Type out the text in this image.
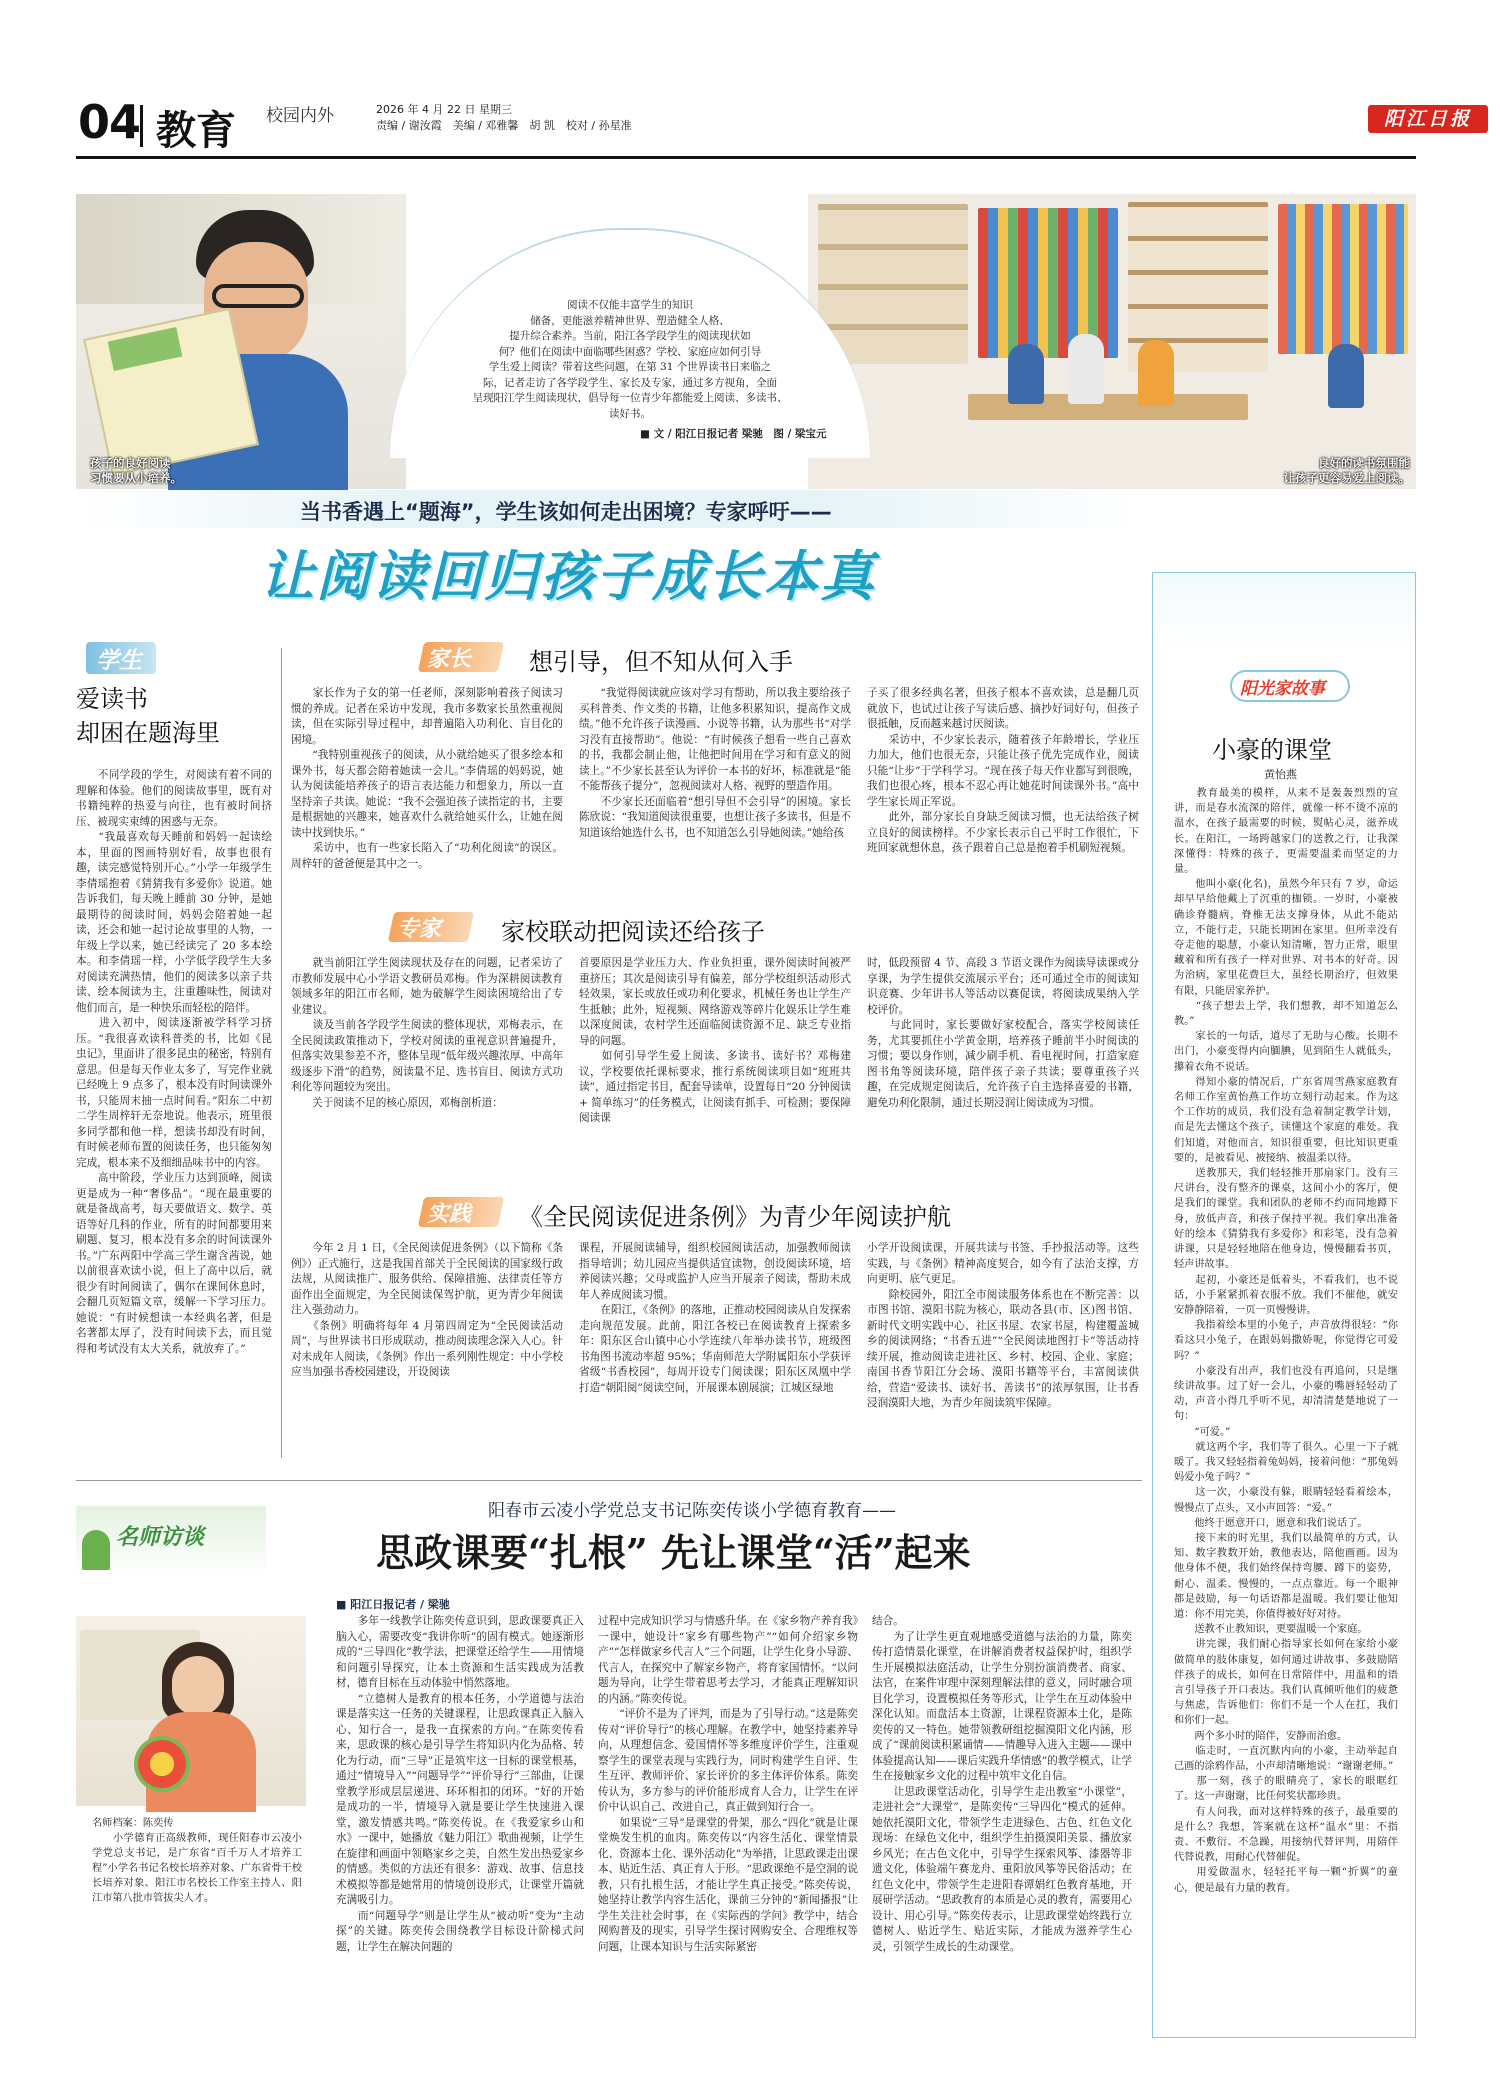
04 教育 校园内外	2026 年 4 月 22 日 星期三
责编 / 谢汝霞　美编 / 邓雅馨　胡 凯　校对 / 孙星准	阳江日报
孩子的良好阅读
习惯要从小培养。
良好的读书氛围能
让孩子更容易爱上阅读。
阅读不仅能丰富学生的知识
储备，更能滋养精神世界、塑造健全人格、
提升综合素养。当前，阳江各学段学生的阅读现状如
何？他们在阅读中面临哪些困惑？学校、家庭应如何引导
学生爱上阅读？带着这些问题，在第 31 个世界读书日来临之
际，记者走访了各学段学生、家长及专家，通过多方视角，全面
呈现阳江学生阅读现状，倡导每一位青少年都能爱上阅读、多读书、
读好书。
■ 文 / 阳江日报记者 梁驰　图 / 梁宝元
当书香遇上“题海”，学生该如何走出困境？专家呼吁——
让阅读回归孩子成长本真
学生
爱读书
却困在题海里
　　不同学段的学生，对阅读有着不同的理解和体验。他们的阅读故事里，既有对书籍纯粹的热爱与向往，也有被时间挤压、被现实束缚的困惑与无奈。
　　“我最喜欢每天睡前和妈妈一起读绘本，里面的图画特别好看，故事也很有趣，读完感觉特别开心。”小学一年级学生李倩瑶抱着《猜猜我有多爱你》说道。她告诉我们，每天晚上睡前 30 分钟，是她最期待的阅读时间，妈妈会陪着她一起读，还会和她一起讨论故事里的人物，一年级上学以来，她已经读完了 20 多本绘本。和李倩瑶一样，小学低学段学生大多对阅读充满热情，他们的阅读多以亲子共读、绘本阅读为主，注重趣味性，阅读对他们而言，是一种快乐而轻松的陪伴。
　　进入初中，阅读逐渐被学科学习挤压。“我很喜欢读科普类的书，比如《昆虫记》，里面讲了很多昆虫的秘密，特别有意思。但是每天作业太多了，写完作业就已经晚上 9 点多了，根本没有时间读课外书，只能周末抽一点时间看。”阳东二中初二学生周梓轩无奈地说。他表示，班里很多同学都和他一样，想读书却没有时间，有时候老师布置的阅读任务，也只能匆匆完成，根本来不及细细品味书中的内容。
　　高中阶段，学业压力达到顶峰，阅读更是成为一种“奢侈品”。“现在最重要的就是备战高考，每天要做语文、数学、英语等好几科的作业，所有的时间都要用来刷题、复习，根本没有多余的时间读课外书。”广东两阳中学高三学生谢含茜说，她以前很喜欢读小说，但上了高中以后，就很少有时间阅读了，偶尔在课间休息时，会翻几页短篇文章，缓解一下学习压力。她说：“有时候想读一本经典名著，但是名著都太厚了，没有时间读下去，而且觉得和考试没有太大关系，就放弃了。”
家长 想引导，但不知从何入手
　　家长作为子女的第一任老师，深刻影响着孩子阅读习惯的养成。记者在采访中发现，我市多数家长虽然重视阅读，但在实际引导过程中，却普遍陷入功利化、盲目化的困境。
　　“我特别重视孩子的阅读，从小就给她买了很多绘本和课外书，每天都会陪着她读一会儿。”李倩瑶的妈妈说，她认为阅读能培养孩子的语言表达能力和想象力，所以一直坚持亲子共读。她说：“我不会强迫孩子读指定的书，主要是根据她的兴趣来，她喜欢什么就给她买什么，让她在阅读中找到快乐。”
　　采访中，也有一些家长陷入了“功利化阅读”的误区。周梓轩的爸爸便是其中之一。
　　“我觉得阅读就应该对学习有帮助，所以我主要给孩子买科普类、作文类的书籍，让他多积累知识，提高作文成绩。”他不允许孩子读漫画、小说等书籍，认为那些书“对学习没有直接帮助”。他说：“有时候孩子想看一些自己喜欢的书，我都会制止他，让他把时间用在学习和有意义的阅读上。”不少家长甚至认为评价一本书的好坏，标准就是“能不能帮孩子提分”，忽视阅读对人格、视野的塑造作用。
　　不少家长还面临着“想引导但不会引导”的困境。家长陈欣说：“我知道阅读很重要，也想让孩子多读书，但是不知道该给她选什么书，也不知道怎么引导她阅读。”她给孩
子买了很多经典名著，但孩子根本不喜欢读，总是翻几页就放下，也试过让孩子写读后感、摘抄好词好句，但孩子很抵触，反而越来越讨厌阅读。
　　采访中，不少家长表示，随着孩子年龄增长，学业压力加大，他们也很无奈，只能让孩子优先完成作业，阅读只能“让步”于学科学习。“现在孩子每天作业都写到很晚，我们也很心疼，根本不忍心再让她花时间读课外书。”高中学生家长周正军说。
　　此外，部分家长自身缺乏阅读习惯，也无法给孩子树立良好的阅读榜样。不少家长表示自己平时工作很忙，下班回家就想休息，孩子跟着自己总是抱着手机刷短视频。
专家 家校联动把阅读还给孩子
　　就当前阳江学生阅读现状及存在的问题，记者采访了市教师发展中心小学语文教研员邓梅。作为深耕阅读教育领域多年的阳江市名师，她为破解学生阅读困境给出了专业建议。
　　谈及当前各学段学生阅读的整体现状，邓梅表示，在全民阅读政策推动下，学校对阅读的重视意识普遍提升，但落实效果参差不齐，整体呈现“低年级兴趣浓厚、中高年级逐步下滑”的趋势，阅读量不足、选书盲目、阅读方式功利化等问题较为突出。
　　关于阅读不足的核心原因，邓梅剖析道：
首要原因是学业压力大、作业负担重，课外阅读时间被严重挤压；其次是阅读引导有偏差，部分学校组织活动形式轻效果，家长或放任或功利化要求，机械任务也让学生产生抵触；此外，短视频、网络游戏等碎片化娱乐让学生难以深度阅读，农村学生还面临阅读资源不足、缺乏专业指导的问题。
　　如何引导学生爱上阅读、多读书、读好书？邓梅建议，学校要依托课标要求，推行系统阅读项目如“班班共读”，通过指定书目，配套导读单，设置每日“20 分钟阅读 + 简单练习”的任务模式，让阅读有抓手、可检测；要保障阅读课
时，低段预留 4 节、高段 3 节语文课作为阅读导读课或分享课，为学生提供交流展示平台；还可通过全市的阅读知识竞赛、少年讲书人等活动以赛促读，将阅读成果纳入学校评价。
　　与此同时，家长要做好家校配合，落实学校阅读任务，尤其要抓住小学黄金期，培养孩子睡前半小时阅读的习惯；要以身作则，减少刷手机、看电视时间，打造家庭图书角等阅读环境，陪伴孩子亲子共读；要尊重孩子兴趣，在完成规定阅读后，允许孩子自主选择喜爱的书籍，避免功利化限制，通过长期浸润让阅读成为习惯。
实践 《全民阅读促进条例》为青少年阅读护航
　　今年 2 月 1 日，《全民阅读促进条例》（以下简称《条例》）正式施行，这是我国首部关于全民阅读的国家级行政法规，从阅读推广、服务供给、保障措施、法律责任等方面作出全面规定，为全民阅读保驾护航，更为青少年阅读注入强劲动力。
　　《条例》明确将每年 4 月第四周定为“全民阅读活动周”，与世界读书日形成联动，推动阅读理念深入人心。针对未成年人阅读，《条例》作出一系列刚性规定：中小学校应当加强书香校园建设，开设阅读
课程，开展阅读辅导，组织校园阅读活动，加强教师阅读指导培训；幼儿园应当提供适宜读物，创设阅读环境，培养阅读兴趣；父母或监护人应当开展亲子阅读，帮助未成年人养成阅读习惯。
　　在阳江，《条例》的落地，正推动校园阅读从自发探索走向规范发展。此前，阳江各校已在阅读教育上探索多年：阳东区合山镇中心小学连续八年举办读书节，班级图书角图书流动率超 95%；华南师范大学附属阳东小学获评省级“书香校园”，每周开设专门阅读课；阳东区凤凰中学打造“朝阳阅”阅读空间，开展课本剧展演；江城区绿地
小学开设阅读课，开展共读与书签、手抄报活动等。这些实践，与《条例》精神高度契合，如今有了法治支撑，方向更明、底气更足。
　　除校园外，阳江全市阅读服务体系也在不断完善：以市图书馆、漠阳书院为核心，联动各县(市、区)图书馆、新时代文明实践中心、社区书屋、农家书屋，构建覆盖城乡的阅读网络；“书香五进”“全民阅读地图打卡”等活动持续开展，推动阅读走进社区、乡村、校园、企业、家庭；南国书香节阳江分会场、漠阳书籍等平台，丰富阅读供给，营造“爱读书、读好书、善读书”的浓厚氛围，让书香浸润漠阳大地，为青少年阅读筑牢保障。
阳光家故事
小豪的课堂
黄怡燕
　　教育最美的模样，从来不是轰轰烈烈的宣讲，而是春水流深的陪伴，就像一杯不烫不凉的温水，在孩子最需要的时候，熨帖心灵，滋养成长。在阳江，一场跨越家门的送教之行，让我深深懂得：特殊的孩子，更需要温柔而坚定的力量。
　　他叫小豪(化名)，虽然今年只有 7 岁，命运却早早给他戴上了沉重的枷锁。一岁时，小豪被确诊脊髓病，脊椎无法支撑身体，从此不能站立，不能行走，只能长期困在家里。但所幸没有夺走他的聪慧，小豪认知清晰，智力正常，眼里藏着和所有孩子一样对世界、对书本的好奇。因为治病，家里花费巨大，虽经长期治疗，但效果有限，只能居家养护。
　　“孩子想去上学，我们想教，却不知道怎么教。”
　　家长的一句话，道尽了无助与心酸。长期不出门，小豪变得内向腼腆，见到陌生人就低头，攥着衣角不说话。
　　得知小豪的情况后，广东省周雪燕家庭教育名师工作室黄怡燕工作坊立刻行动起来。作为这个工作坊的成员，我们没有急着制定教学计划，而是先去懂这个孩子，读懂这个家庭的难处。我们知道，对他而言，知识很重要，但比知识更重要的，是被看见、被接纳、被温柔以待。
　　送教那天，我们轻轻推开那扇家门。没有三尺讲台，没有整齐的课桌，这间小小的客厅，便是我们的课堂。我和团队的老师不约而同地蹲下身，放低声音，和孩子保持平视。我们拿出准备好的绘本《猜猜我有多爱你》和彩笔，没有急着讲课，只是轻轻地陪在他身边，慢慢翻看书页，轻声讲故事。
　　起初，小豪还是低着头，不看我们，也不说话，小手紧紧抓着衣服不放。我们不催他，就安安静静陪着，一页一页慢慢讲。
　　我指着绘本里的小兔子，声音放得很轻：“你看这只小兔子，在跟妈妈撒娇呢，你觉得它可爱吗？”
　　小豪没有出声，我们也没有再追问，只是继续讲故事。过了好一会儿，小豪的嘴唇轻轻动了动，声音小得几乎听不见，却清清楚楚地说了一句：
　　“可爱。”
　　就这两个字，我们等了很久。心里一下子就暖了。我又轻轻指着兔妈妈，接着问他：“那兔妈妈爱小兔子吗？”
　　这一次，小豪没有躲，眼睛轻轻看着绘本，慢慢点了点头，又小声回答：“爱。”
　　他终于愿意开口，愿意和我们说话了。
　　接下来的时光里，我们以最简单的方式，认知、数字教数开始，教他表达，陪他画画。因为他身体不便，我们始终保持弯腰、蹲下的姿势，耐心、温柔、慢慢的，一点点靠近。每一个眼神都是鼓励，每一句话语都是温暖。我们要让他知道：你不用完美，你值得被好好对待。
　　送教不止教知识，更要温暖一个家庭。
　　讲完课，我们耐心指导家长如何在家给小豪做简单的肢体康复，如何通过讲故事、多鼓励陪伴孩子的成长，如何在日常陪伴中，用温和的语言引导孩子开口表达。我们认真倾听他们的疲惫与焦虑，告诉他们：你们不是一个人在扛，我们和你们一起。
　　两个多小时的陪伴，安静而治愈。
　　临走时，一直沉默内向的小豪，主动举起自己画的涂鸦作品，小声却清晰地说：“谢谢老师。”
　　那一刻，孩子的眼睛亮了，家长的眼眶红了。这一声谢谢，比任何奖状都珍贵。
　　有人问我，面对这样特殊的孩子，最重要的是什么？我想，答案就在这杯“温水”里：不指责、不敷衍、不急躁，用接纳代替评判，用陪伴代替说教，用耐心代替催促。
　　用爱做温水，轻轻托平每一颗“折翼”的童心，便是最有力量的教育。
名师访谈
阳春市云凌小学党总支书记陈奕传谈小学德育教育——
思政课要“扎根” 先让课堂“活”起来
■ 阳江日报记者 / 梁驰
名师档案：陈奕传
　　小学德育正高级教师，现任阳春市云凌小学党总支书记，是广东省“百千万人才培养工程”小学名书记名校长培养对象、广东省骨干校长培养对象、阳江市名校长工作室主持人、阳江市第八批市管拔尖人才。
　　多年一线教学让陈奕传意识到，思政课要真正入脑入心，需要改变“我讲你听”的固有模式。她逐渐形成的“三导四化”教学法，把课堂还给学生——用情境和问题引导探究，让本土资源和生活实践成为活教材，德育目标在互动体验中悄然落地。
　　“立德树人是教育的根本任务，小学道德与法治课是落实这一任务的关键课程，让思政课真正入脑入心、知行合一，是我一直探索的方向。”在陈奕传看来，思政课的核心是引导学生将知识内化为品格、转化为行动，而“三导”正是筑牢这一目标的课堂根基，通过“情境导入”“问题导学”“评价导行”三部曲，让课堂教学形成层层递进、环环相扣的闭环。“好的开始是成功的一半，情境导入就是要让学生快速进入课堂，激发情感共鸣。”陈奕传说。在《我爱家乡山和水》一课中，她播放《魅力阳江》歌曲视频，让学生在旋律和画面中领略家乡之美，自然生发出热爱家乡的情感。类似的方法还有很多：游戏、故事、信息技术模拟等都是她常用的情境创设形式，让课堂开篇就充满吸引力。
　　而“问题导学”则是让学生从“被动听”变为“主动探”的关键。陈奕传会围绕教学目标设计阶梯式问题，让学生在解决问题的
过程中完成知识学习与情感升华。在《家乡物产养育我》一课中，她设计“家乡有哪些物产”“如何介绍家乡物产”“怎样做家乡代言人”三个问题，让学生化身小导游、代言人，在探究中了解家乡物产，将育家国情怀。“以问题为导向，让学生带着思考去学习，才能真正理解知识的内涵。”陈奕传说。
　　“评价不是为了评判，而是为了引导行动。”这是陈奕传对“评价导行”的核心理解。在教学中，她坚持素养导向，从理想信念、爱国情怀等多维度评价学生，注重观察学生的课堂表现与实践行为，同时构建学生自评、生生互评、教师评价、家长评价的多主体评价体系。陈奕传认为，多方参与的评价能形成育人合力，让学生在评价中认识自己、改进自己，真正做到知行合一。
　　如果说“三导”是课堂的骨架，那么“四化”就是让课堂焕发生机的血肉。陈奕传以“内容生活化、课堂情景化、资源本土化、课外活动化”为举措，让思政课走出课本、贴近生活、真正育人于形。“思政课绝不是空洞的说教，只有扎根生活，才能让学生真正接受。”陈奕传说，她坚持让教学内容生活化，课前三分钟的“新闻播报”让学生关注社会时事，在《实际西的学问》教学中，结合网购普及的现实，引导学生探讨网购安全、合理维权等问题，让课本知识与生活实际紧密
结合。
　　为了让学生更直观地感受道德与法治的力量，陈奕传打造情景化课堂，在讲解消费者权益保护时，组织学生开展模拟法庭活动，让学生分别扮演消费者、商家、法官，在案件审理中深刻理解法律的意义，同时融合项目化学习，设置模拟任务等形式，让学生在互动体验中深化认知。而盘活本土资源，让课程资源本土化，是陈奕传的又一特色。她带领教研组挖掘漠阳文化内涵，形成了“课前阅读积累诵情——情趣导入进入主题——课中体验提高认知——课后实践升华情感”的教学模式，让学生在接触家乡文化的过程中筑牢文化自信。
　　让思政课堂活动化，引导学生走出教室“小课堂”，走进社会“大课堂”，是陈奕传“三导四化”模式的延伸。她依托漠阳文化，带领学生走进绿色、古色、红色文化现场：在绿色文化中，组织学生拍摄漠阳美景、播放家乡风光；在古色文化中，引导学生探索风筝、漆器等非遗文化，体验端午赛龙舟、重阳放风筝等民俗活动；在红色文化中，带领学生走进阳春谭娟红色教育基地，开展研学活动。“思政教育的本质是心灵的教育，需要用心设计、用心引导。”陈奕传表示，让思政课堂始终践行立德树人、贴近学生、贴近实际，才能成为滋养学生心灵，引领学生成长的生动课堂。
